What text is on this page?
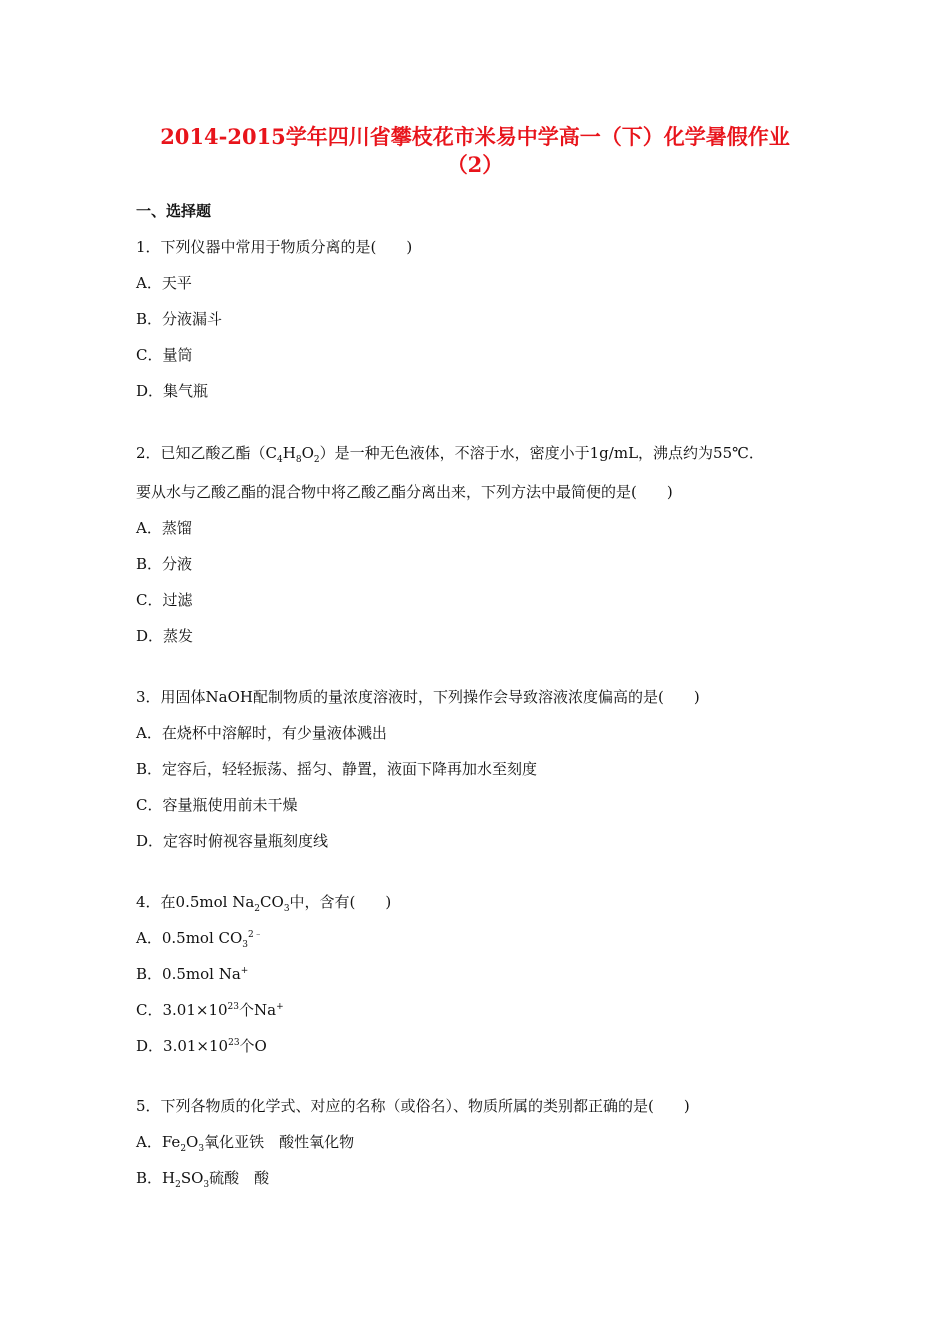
2014-2015学年四川省攀枝花市米易中学高一（下）化学暑假作业
（2）
一、选择题
1．下列仪器中常用于物质分离的是(　　)
A．天平
B．分液漏斗
C．量筒
D．集气瓶
2．已知乙酸乙酯$(C_4H_8O_2)$是一种无色液体，不溶于水，密度小于1g/mL，沸点约为55℃．
要从水与乙酸乙酯的混合物中将乙酸乙酯分离出来，下列方法中最简便的是(　　)
A．蒸馏
B．分液
C．过滤
D．蒸发
3．用固体NaOH配制物质的量浓度溶液时，下列操作会导致溶液浓度偏高的是(　　)
A．在烧杯中溶解时，有少量液体溅出
B．定容后，轻轻振荡、摇匀、静置，液面下降再加水至刻度
C．容量瓶使用前未干燥
D．定容时俯视容量瓶刻度线
4．在0.5mol $Na_2CO_3$中，含有(　　)
A．0.5mol $CO_3^{2﹣}$
B．0.5mol Na+
C．$3.01\times 10^{23}$个Na+
D．$3.01\times 10^{23}$个O
5．下列各物质的化学式、对应的名称（或俗名）、物质所属的类别都正确的是(　　)
A．$Fe_2O_3$氧化亚铁　酸性氧化物
B．$H_2SO_3$硫酸　酸
